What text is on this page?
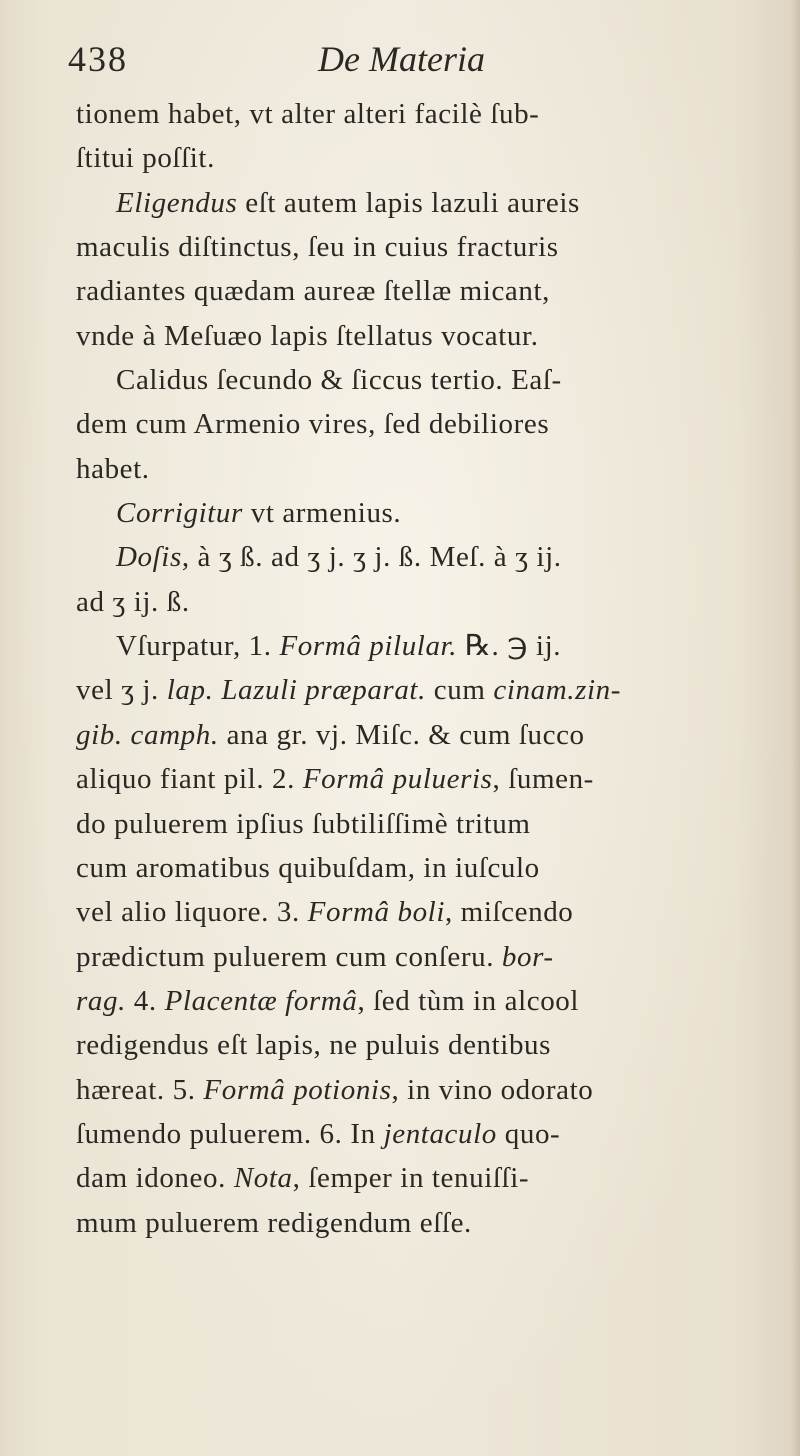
438	De Materia
tionem habet, vt alter alteri facilè ſub-
ſtitui poſſit.
Eligendus eſt autem lapis lazuli aureis
maculis diſtinctus, ſeu in cuius fracturis
radiantes quædam aureæ ſtellæ micant,
vnde à Meſuæo lapis ſtellatus vocatur.
Calidus ſecundo & ſiccus tertio. Eaſ-
dem cum Armenio vires, ſed debiliores
habet.
Corrigitur vt armenius.
Doſis, à ʒ ß. ad ʒ j. ʒ j. ß. Meſ. à ʒ ij.
ad ʒ ij. ß.
Vſurpatur, 1. Formâ pilular. ℞. ℈ ij.
vel ʒ j. lap. Lazuli præparat. cum cinam.zin-
gib. camph. ana gr. vj. Miſc. & cum ſucco
aliquo fiant pil. 2. Formâ pulueris, ſumen-
do puluerem ipſius ſubtiliſſimè tritum
cum aromatibus quibuſdam, in iuſculo
vel alio liquore. 3. Formâ boli, miſcendo
prædictum puluerem cum conſeru. bor-
rag. 4. Placentæ formâ, ſed tùm in alcool
redigendus eſt lapis, ne puluis dentibus
hæreat. 5. Formâ potionis, in vino odorato
ſumendo puluerem. 6. In jentaculo quo-
dam idoneo. Nota, ſemper in tenuiſſi-
mum puluerem redigendum eſſe.
